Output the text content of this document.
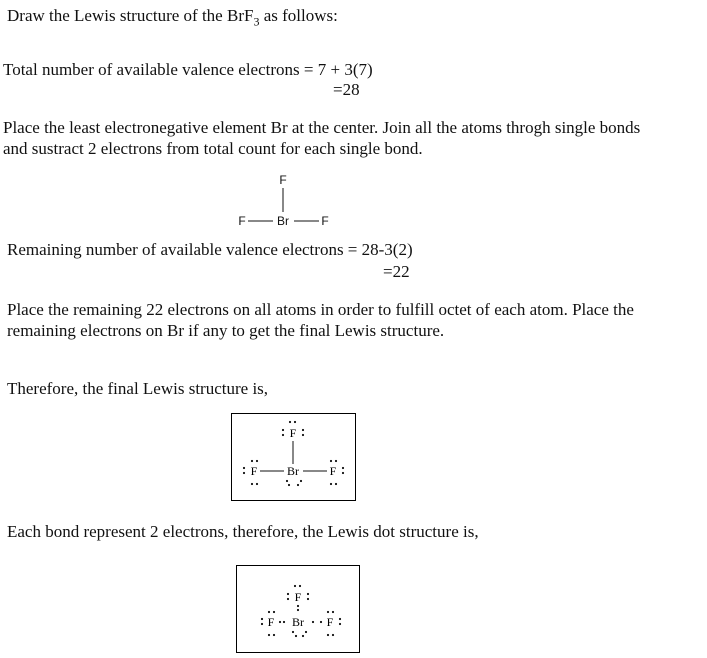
Draw the Lewis structure of the BrF$_3$ as follows:
Total number of available valence electrons = 7 + 3(7)
=28
Place the least electronegative element Br at the center. Join all the atoms throgh single bonds
and sustract 2 electrons from total count for each single bond.
F
F	Br	F
Remaining number of available valence electrons = 28-3(2)
=22
Place the remaining 22 electrons on all atoms in order to fulfill octet of each atom. Place the
remaining electrons on Br if any to get the final Lewis structure.
Therefore, the final Lewis structure is,
F
F Br	F
Each bond represent 2 electrons, therefore, the Lewis dot structure is,
F
Br
F	F
